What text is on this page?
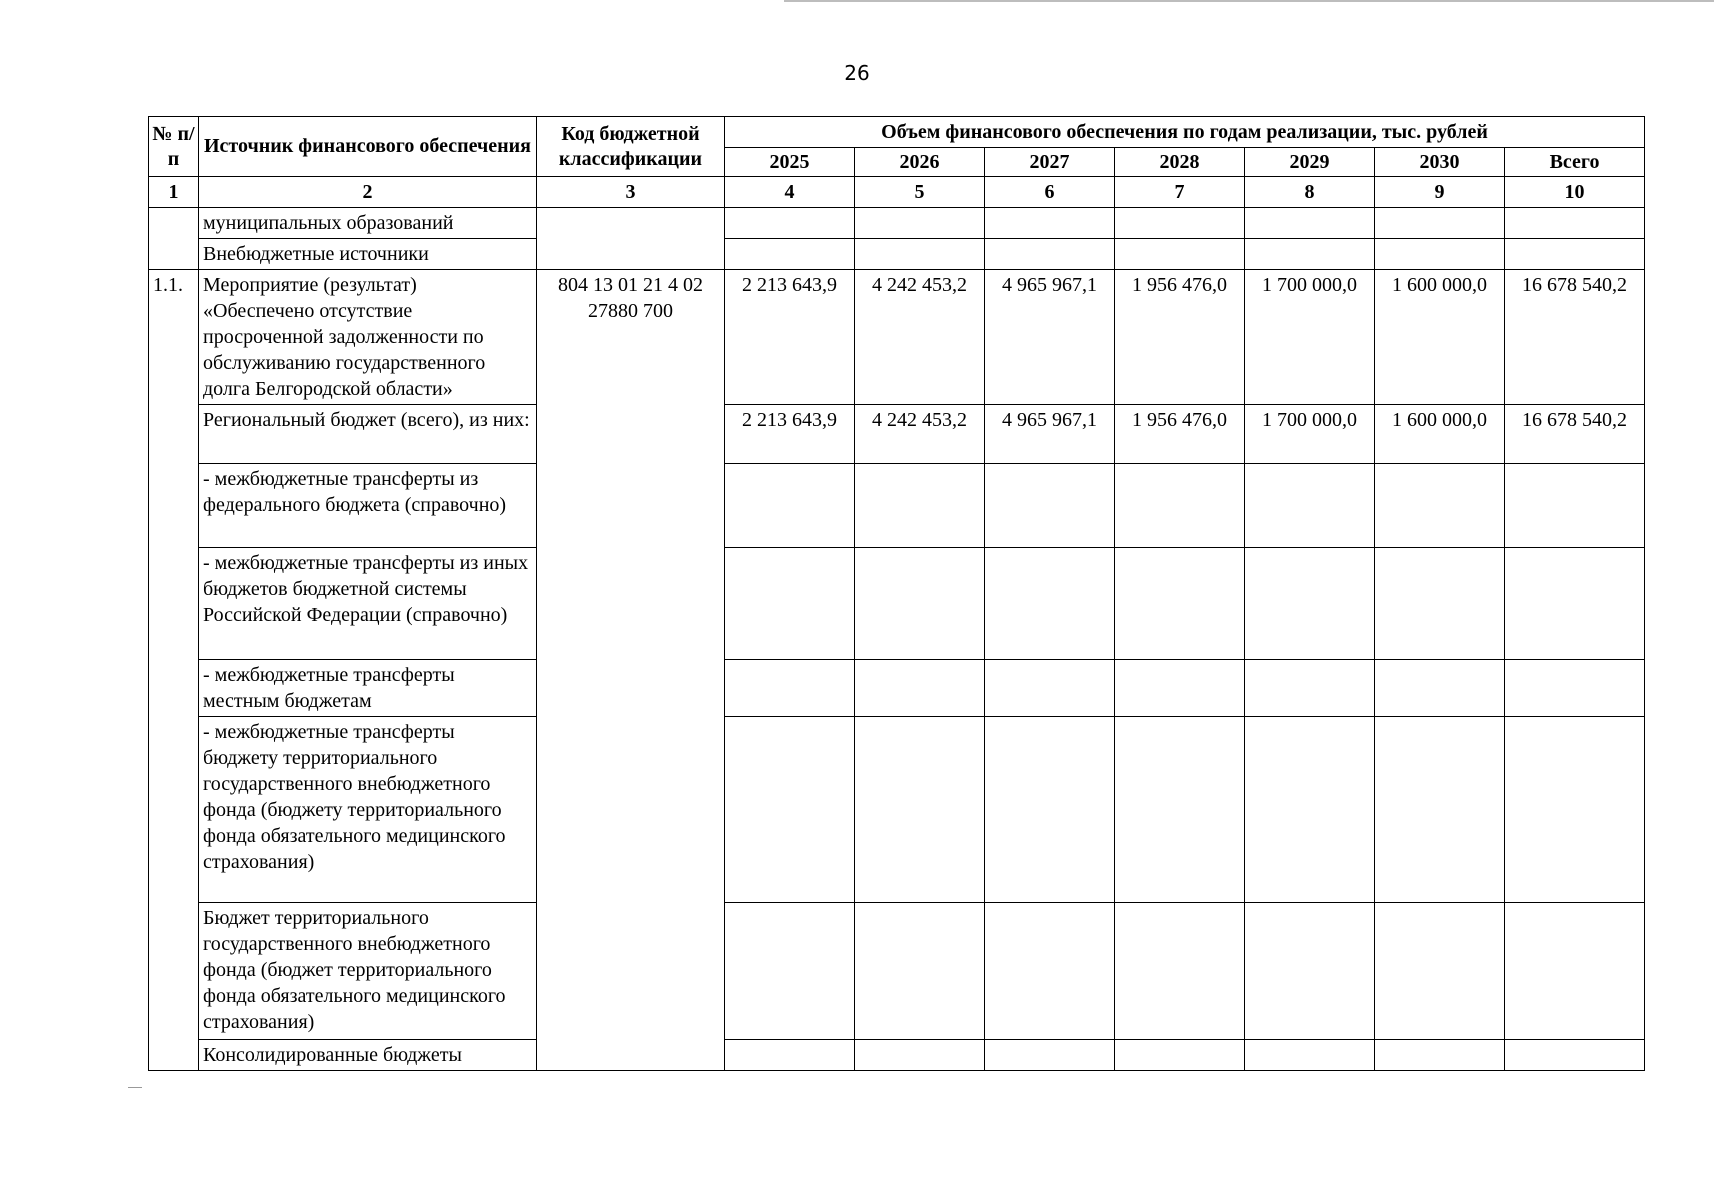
26
№ п/п	Источник финансового обеспечения	Код бюджетной классификации	Объем финансового обеспечения по годам реализации, тыс. рублей						
			2025	2026	2027	2028	2029	2030	Всего
1	2	3	4	5	6	7	8	9	10
	муниципальных образований								
	Внебюджетные источники								
1.1.	Мероприятие (результат) «Обеспечено отсутствие просроченной задолженности по обслуживанию государственного долга Белгородской области»	804 13 01 21 4 02 27880 700	2 213 643,9	4 242 453,2	4 965 967,1	1 956 476,0	1 700 000,0	1 600 000,0	16 678 540,2
	Региональный бюджет (всего), из них:		2 213 643,9	4 242 453,2	4 965 967,1	1 956 476,0	1 700 000,0	1 600 000,0	16 678 540,2
	- межбюджетные трансферты из федерального бюджета (справочно)								
	- межбюджетные трансферты из иных бюджетов бюджетной системы Российской Федерации (справочно)								
	- межбюджетные трансферты местным бюджетам								
	- межбюджетные трансферты бюджету территориального государственного внебюджетного фонда (бюджету территориального фонда обязательного медицинского страхования)								
	Бюджет территориального государственного внебюджетного фонда (бюджет территориального фонда обязательного медицинского страхования)								
	Консолидированные бюджеты								
